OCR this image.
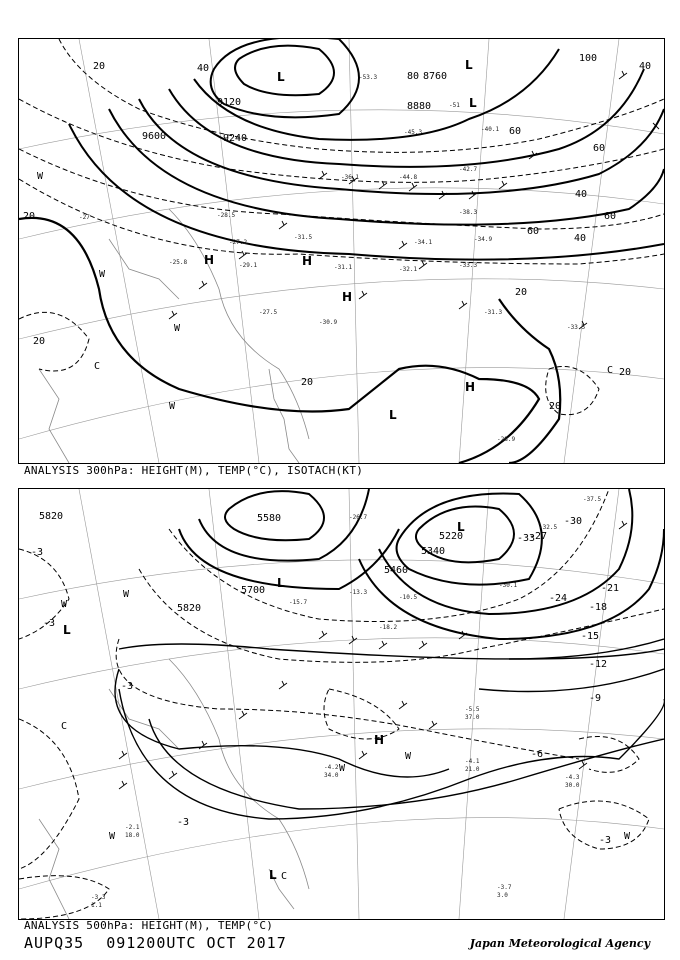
9120
9600
8880
8760
9240
20
40
60
80
100
60
40
20
20
20
20
20
40
60
60
40
20
L
L
L
H
H
H
H
L
W
W
W
C	C
W
-27
-29.1
-27.5
-31.1
-30.9
-32.1
-33.3
-31.3
-33.5
-28.9
-34.1	-34.9
-38.3
-40.1
-42.7
-45.3
-51
-53.3
-36.1	-44.8
-28.5
-25.8
-27.2
-31.5
ANALYSIS 300hPa: HEIGHT(M), TEMP(°C), ISOTACH(KT)
5820	5580
5700
5340
5460
5220
5820
-3
-3
-3
-9
-12
-15
-18
-21
-24
-27
-30
-33
-3
-3
-6
L
L
H
L
L
W
W
C
W
W
W
W
C
-4.3
30.0
-3.7
3.0
-5.5
37.0
-4.1
21.0
-2.1
18.0
-3.3
1.1
-4.2
34.0
-10.5
-13.3
-15.7
-26.7
-30.1
-32.5
-37.5
-18.2
ANALYSIS 500hPa: HEIGHT(M), TEMP(°C)
AUPQ35 091200UTC OCT 2017	Japan Meteorological Agency
